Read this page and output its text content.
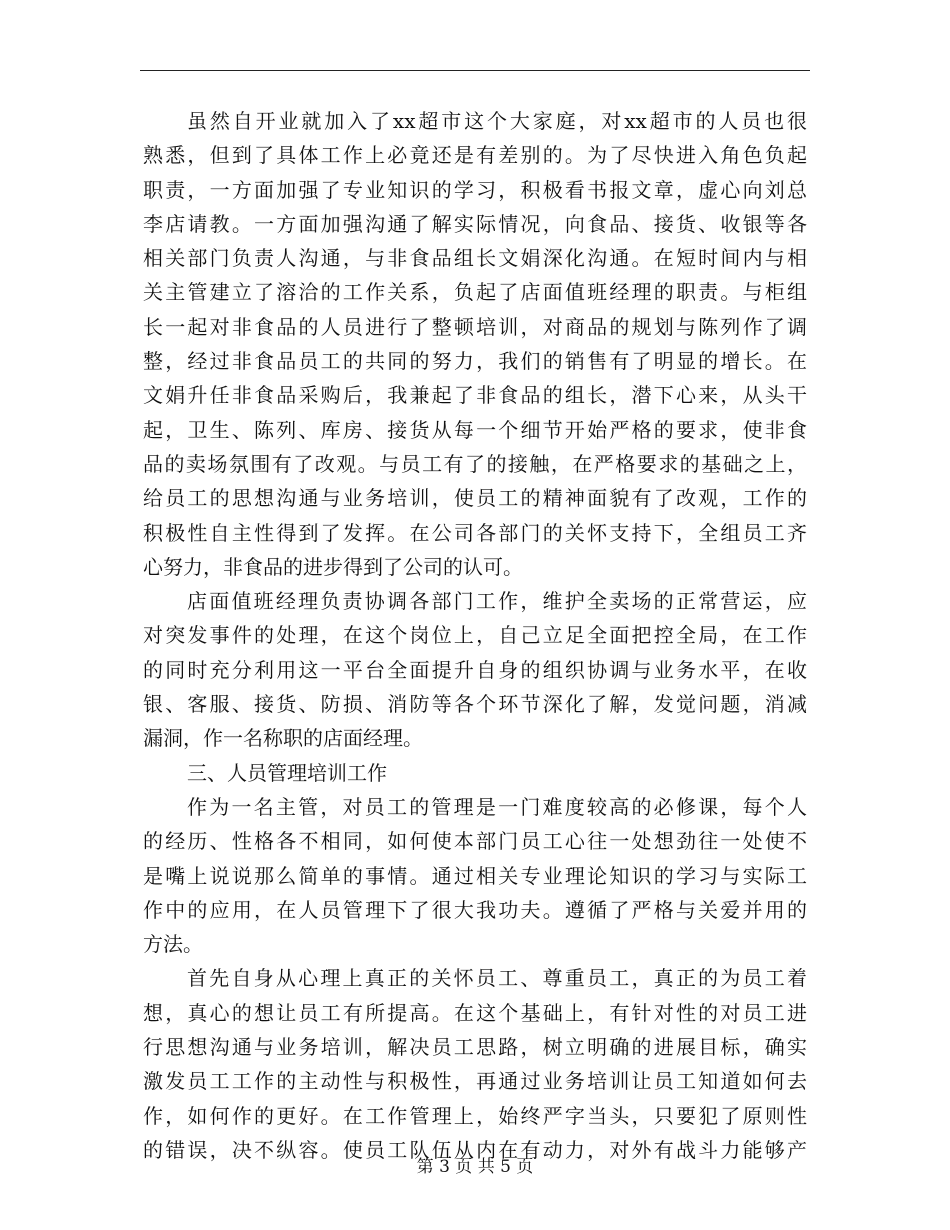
虽然自开业就加入了xx超市这个大家庭，对xx超市的人员也很
熟悉，但到了具体工作上必竟还是有差别的。为了尽快进入角色负起
职责，一方面加强了专业知识的学习，积极看书报文章，虚心向刘总
李店请教。一方面加强沟通了解实际情况，向食品、接货、收银等各
相关部门负责人沟通，与非食品组长文娟深化沟通。在短时间内与相
关主管建立了溶洽的工作关系，负起了店面值班经理的职责。与柜组
长一起对非食品的人员进行了整顿培训，对商品的规划与陈列作了调
整，经过非食品员工的共同的努力，我们的销售有了明显的增长。在
文娟升任非食品采购后，我兼起了非食品的组长，潜下心来，从头干
起，卫生、陈列、库房、接货从每一个细节开始严格的要求，使非食
品的卖场氛围有了改观。与员工有了的接触，在严格要求的基础之上，
给员工的思想沟通与业务培训，使员工的精神面貌有了改观，工作的
积极性自主性得到了发挥。在公司各部门的关怀支持下，全组员工齐
心努力，非食品的进步得到了公司的认可。
店面值班经理负责协调各部门工作，维护全卖场的正常营运，应
对突发事件的处理，在这个岗位上，自己立足全面把控全局，在工作
的同时充分利用这一平台全面提升自身的组织协调与业务水平，在收
银、客服、接货、防损、消防等各个环节深化了解，发觉问题，消减
漏洞，作一名称职的店面经理。
三、人员管理培训工作
作为一名主管，对员工的管理是一门难度较高的必修课，每个人
的经历、性格各不相同，如何使本部门员工心往一处想劲往一处使不
是嘴上说说那么简单的事情。通过相关专业理论知识的学习与实际工
作中的应用，在人员管理下了很大我功夫。遵循了严格与关爱并用的
方法。
首先自身从心理上真正的关怀员工、尊重员工，真正的为员工着
想，真心的想让员工有所提高。在这个基础上，有针对性的对员工进
行思想沟通与业务培训，解决员工思路，树立明确的进展目标，确实
激发员工工作的主动性与积极性，再通过业务培训让员工知道如何去
作，如何作的更好。在工作管理上，始终严字当头，只要犯了原则性
的错误，决不纵容。使员工队伍从内在有动力，对外有战斗力能够产
第 3 页 共 5 页
